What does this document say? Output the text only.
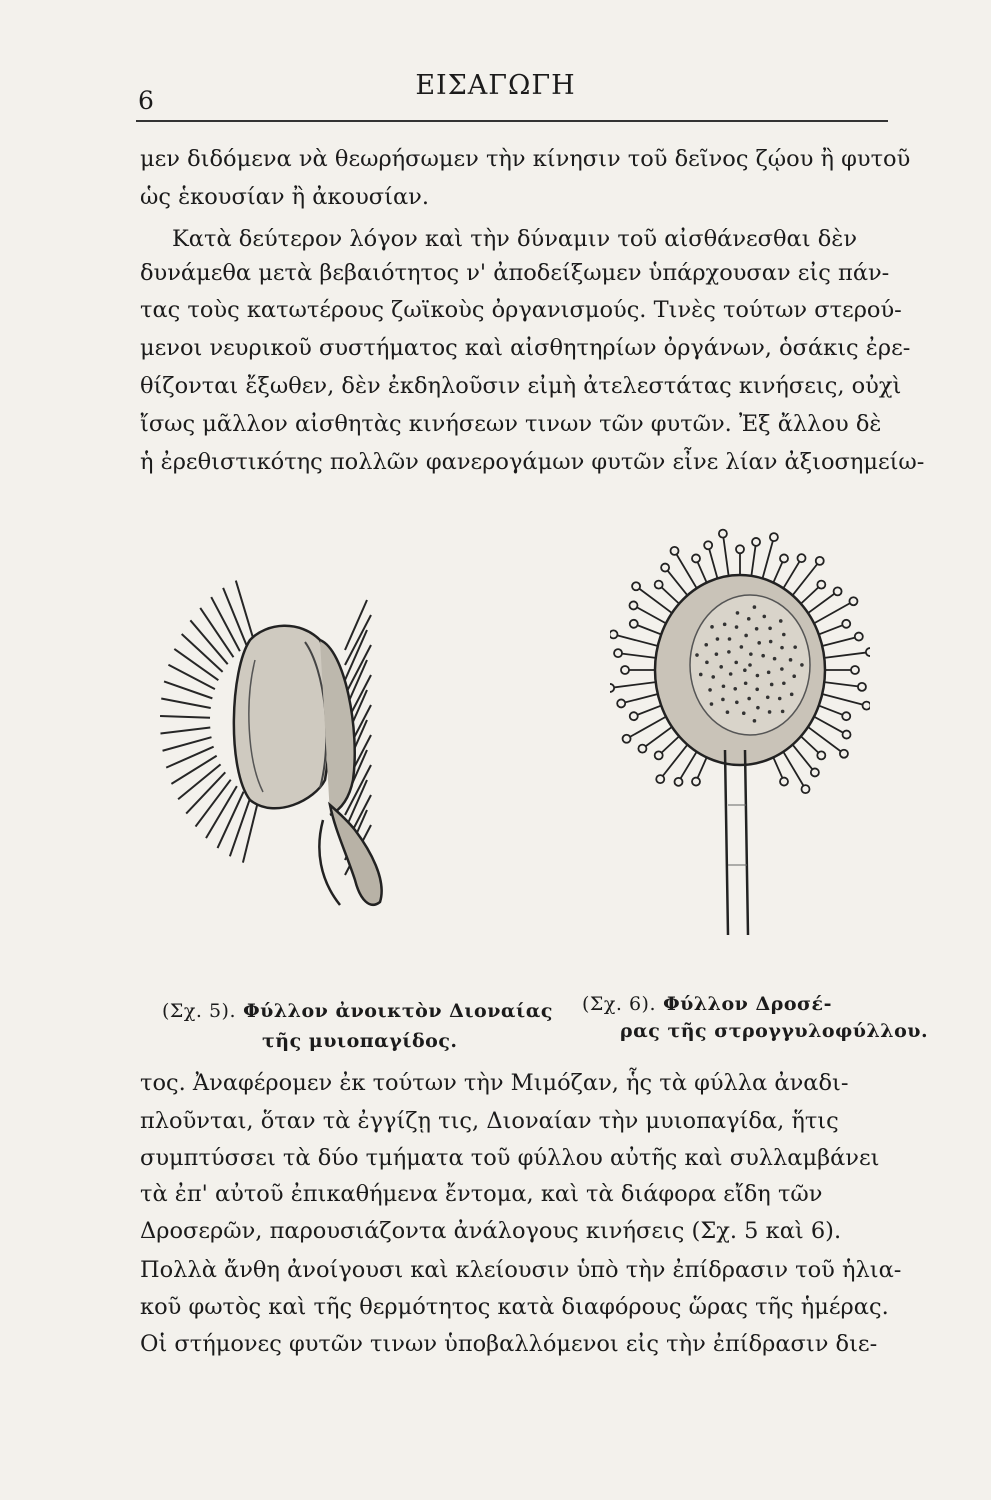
6	ΕΙΣΑΓΩΓΗ
μεν διδόμενα νὰ θεωρήσωμεν τὴν κίνησιν τοῦ δεῖνος ζῴου ἢ φυτοῦ
ὡς ἑκουσίαν ἢ ἀκουσίαν.
Κατὰ δεύτερον λόγον καὶ τὴν δύναμιν τοῦ αἰσθάνεσθαι δὲν
δυνάμεθα μετὰ βεβαιότητος ν' ἀποδείξωμεν ὑπάρχουσαν εἰς πάν-
τας τοὺς κατωτέρους ζωϊκοὺς ὀργανισμούς. Τινὲς τούτων στερού-
μενοι νευρικοῦ συστήματος καὶ αἰσθητηρίων ὀργάνων, ὁσάκις ἐρε-
θίζονται ἔξωθεν, δὲν ἐκδηλοῦσιν εἰμὴ ἀτελεστάτας κινήσεις, οὐχὶ
ἴσως μᾶλλον αἰσθητὰς κινήσεων τινων τῶν φυτῶν. Ἐξ ἄλλου δὲ
ἡ ἐρεθιστικότης πολλῶν φανερογάμων φυτῶν εἶνε λίαν ἀξιοσημείω-
(Σχ. 5). Φύλλον ἀνοικτὸν Διοναίας
τῆς μυιοπαγίδος.
(Σχ. 6). Φύλλον Δροσέ-
ρας τῆς στρογγυλοφύλλου.
τος. Ἀναφέρομεν ἐκ τούτων τὴν Μιμόζαν, ἧς τὰ φύλλα ἀναδι-
πλοῦνται, ὅταν τὰ ἐγγίζῃ τις, Διοναίαν τὴν μυιοπαγίδα, ἥτις
συμπτύσσει τὰ δύο τμήματα τοῦ φύλλου αὐτῆς καὶ συλλαμβάνει
τὰ ἐπ' αὐτοῦ ἐπικαθήμενα ἔντομα, καὶ τὰ διάφορα εἴδη τῶν
Δροσερῶν, παρουσιάζοντα ἀνάλογους κινήσεις (Σχ. 5 καὶ 6).
Πολλὰ ἄνθη ἀνοίγουσι καὶ κλείουσιν ὑπὸ τὴν ἐπίδρασιν τοῦ ἡλια-
κοῦ φωτὸς καὶ τῆς θερμότητος κατὰ διαφόρους ὥρας τῆς ἡμέρας.
Οἱ στήμονες φυτῶν τινων ὑποβαλλόμενοι εἰς τὴν ἐπίδρασιν διε-
